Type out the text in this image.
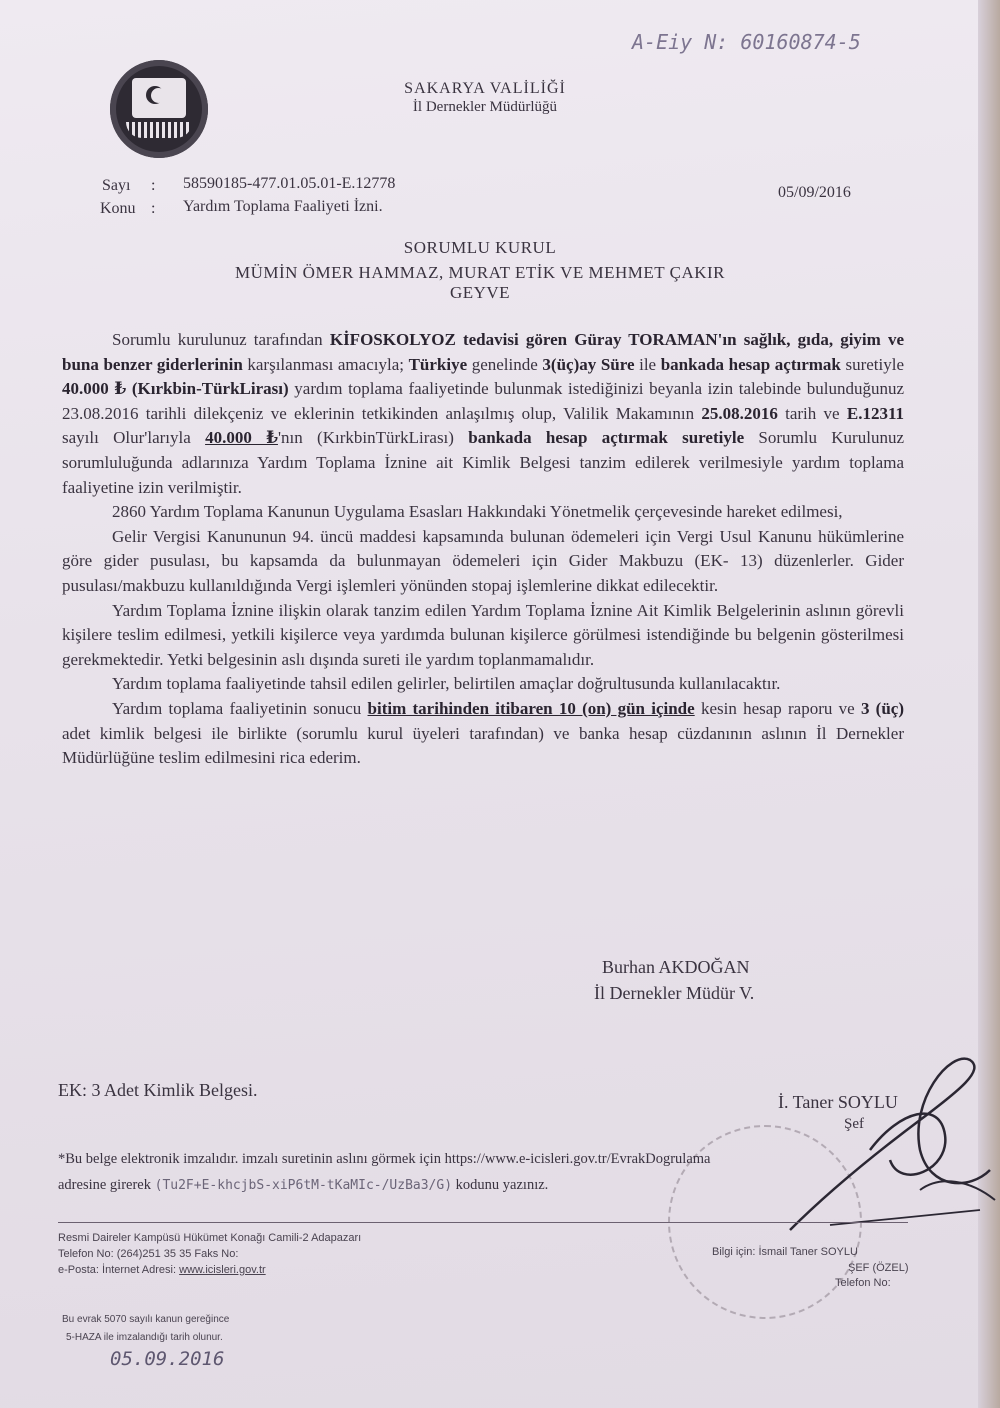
A-Eiy N: 60160874-5
SAKARYA VALİLİĞİ
İl Dernekler Müdürlüğü
Sayı : 58590185-477.01.05.01-E.12778
Konu : Yardım Toplama Faaliyeti İzni.
05/09/2016
SORUMLU KURUL
MÜMİN ÖMER HAMMAZ, MURAT ETİK VE MEHMET ÇAKIR
GEYVE

Sorumlu kurulunuz tarafından KİFOSKOLYOZ tedavisi gören Güray TORAMAN'ın sağlık, gıda, giyim ve buna benzer giderlerinin karşılanması amacıyla; Türkiye genelinde 3(üç)ay Süre ile bankada hesap açtırmak suretiyle 40.000 ₺ (Kırkbin-TürkLirası) yardım toplama faaliyetinde bulunmak istediğinizi beyanla izin talebinde bulunduğunuz 23.08.2016 tarihli dilekçeniz ve eklerinin tetkikinden anlaşılmış olup, Valilik Makamının 25.08.2016 tarih ve E.12311 sayılı Olur'larıyla 40.000 ₺'nın (KırkbinTürkLirası) bankada hesap açtırmak suretiyle Sorumlu Kurulunuz sorumluluğunda adlarınıza Yardım Toplama İznine ait Kimlik Belgesi tanzim edilerek verilmesiyle yardım toplama faaliyetine izin verilmiştir.

2860 Yardım Toplama Kanunun Uygulama Esasları Hakkındaki Yönetmelik çerçevesinde hareket edilmesi,

Gelir Vergisi Kanununun 94. üncü maddesi kapsamında bulunan ödemeleri için Vergi Usul Kanunu hükümlerine göre gider pusulası, bu kapsamda da bulunmayan ödemeleri için Gider Makbuzu (EK- 13) düzenlerler. Gider pusulası/makbuzu kullanıldığında Vergi işlemleri yönünden stopaj işlemlerine dikkat edilecektir.

Yardım Toplama İznine ilişkin olarak tanzim edilen Yardım Toplama İznine Ait Kimlik Belgelerinin aslının görevli kişilere teslim edilmesi, yetkili kişilerce veya yardımda bulunan kişilerce görülmesi istendiğinde bu belgenin gösterilmesi gerekmektedir. Yetki belgesinin aslı dışında sureti ile yardım toplanmamalıdır.

Yardım toplama faaliyetinde tahsil edilen gelirler, belirtilen amaçlar doğrultusunda kullanılacaktır.

Yardım toplama faaliyetinin sonucu bitim tarihinden itibaren 10 (on) gün içinde kesin hesap raporu ve 3 (üç) adet kimlik belgesi ile birlikte (sorumlu kurul üyeleri tarafından) ve banka hesap cüzdanının aslının İl Dernekler Müdürlüğüne teslim edilmesini rica ederim.

Burhan AKDOĞAN
İl Dernekler Müdür V.
EK: 3 Adet Kimlik Belgesi.
İ. Taner SOYLU
Şef
*Bu belge elektronik imzalıdır. imzalı suretinin aslını görmek için https://www.e-icisleri.gov.tr/EvrakDogrulama
adresine girerek (Tu2F+E-khcjbS-xiP6tM-tKaMIc-/UzBa3/G) kodunu yazınız.
Resmi Daireler Kampüsü Hükümet Konağı Camili-2 Adapazarı
Telefon No: (264)251 35 35 Faks No:
e-Posta: İnternet Adresi: www.icisleri.gov.tr
Bilgi için: İsmail Taner SOYLU
ŞEF (ÖZEL)
Telefon No:
Bu evrak 5070 sayılı kanun gereğince
5-HAZA ile imzalandığı tarih olunur.
05.09.2016
